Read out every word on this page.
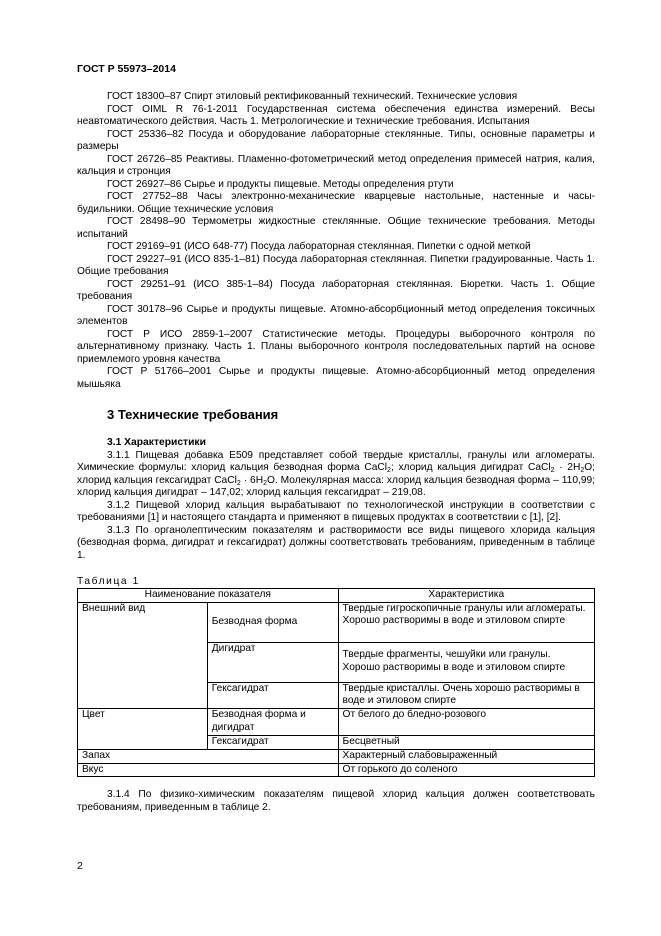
ГОСТ Р 55973–2014

ГОСТ 18300–87 Спирт этиловый ректификованный технический. Технические условия

ГОСТ OIML R 76-1-2011 Государственная система обеспечения единства измерений. Весы неавтоматического действия. Часть 1. Метрологические и технические требования. Испытания

ГОСТ 25336–82 Посуда и оборудование лабораторные стеклянные. Типы, основные параметры и размеры

ГОСТ 26726–85 Реактивы. Пламенно-фотометрический метод определения примесей натрия, калия, кальция и стронция

ГОСТ 26927–86 Сырье и продукты пищевые. Методы определения ртути

ГОСТ 27752–88 Часы электронно-механические кварцевые настольные, настенные и часы-будильники. Общие технические условия

ГОСТ 28498–90 Термометры жидкостные стеклянные. Общие технические требования. Методы испытаний

ГОСТ 29169–91 (ИСО 648-77) Посуда лабораторная стеклянная. Пипетки с одной меткой

ГОСТ 29227–91 (ИСО 835-1–81) Посуда лабораторная стеклянная. Пипетки градуированные. Часть 1. Общие требования

ГОСТ 29251–91 (ИСО 385-1–84) Посуда лабораторная стеклянная. Бюретки. Часть 1. Общие требования

ГОСТ 30178–96 Сырье и продукты пищевые. Атомно-абсорбционный метод определения токсичных элементов

ГОСТ Р ИСО 2859-1–2007 Статистические методы. Процедуры выборочного контроля по альтернативному признаку. Часть 1. Планы выборочного контроля последовательных партий на основе приемлемого уровня качества

ГОСТ Р 51766–2001 Сырье и продукты пищевые. Атомно-абсорбционный метод определения мышьяка

3 Технические требования
3.1 Характеристики

3.1.1 Пищевая добавка Е509 представляет собой твердые кристаллы, гранулы или агломераты. Химические формулы: хлорид кальция безводная форма CaCl$_2$; хлорид кальция дигидрат CaCl$_2$ · $2H_2O$; хлорид кальция гексагидрат CaCl$_2$ · $6H_2O$. Молекулярная масса: хлорид кальция безводная форма – 110,99; хлорид кальция дигидрат – 147,02; хлорид кальция гексагидрат – 219,08.

3.1.2 Пищевой хлорид кальция вырабатывают по технологической инструкции в соответствии с требованиями [1] и настоящего стандарта и применяют в пищевых продуктах в соответствии с [1], [2].

3.1.3 По органолептическим показателям и растворимости все виды пищевого хлорида кальция (безводная форма, дигидрат и гексагидрат) должны соответствовать требованиям, приведенным в таблице 1.

Таблица 1
Наименование показателя		Характеристика
Внешний вид	Безводная форма	Твердые гигроскопичные гранулы или агломераты. Хорошо растворимы в воде и этиловом спирте
	Дигидрат	Твердые фрагменты, чешуйки или гранулы. Хорошо растворимы в воде и этиловом спирте
	Гексагидрат	Твердые кристаллы. Очень хорошо растворимы в воде и этиловом спирте
Цвет	Безводная форма и дигидрат	От белого до бледно-розового
	Гексагидрат	Бесцветный
Запах		Характерный слабовыраженный
Вкус		От горького до соленого

3.1.4 По физико-химическим показателям пищевой хлорид кальция должен соответствовать требованиям, приведенным в таблице 2.

2
